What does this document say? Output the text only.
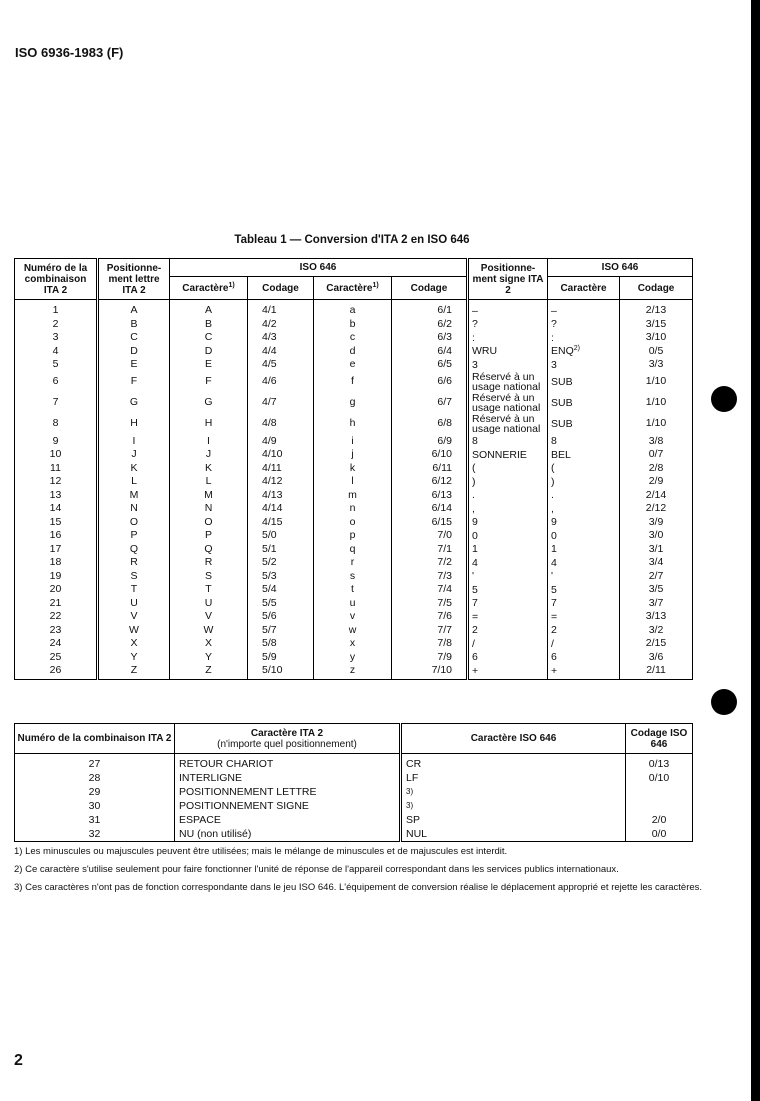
ISO 6936-1983 (F)
Tableau 1 — Conversion d'ITA 2 en ISO 646
Numéro de la combinaison ITA 2	Positionne-ment lettre ITA 2	ISO 646				Positionne-ment signe ITA 2	ISO 646	
		Caractère$^{1)}$	Codage	Caractère$^{1)}$	Codage		Caractère	Codage
1	A	A	4/1	a	6/1	–	–	2/13
2	B	B	4/2	b	6/2	?	?	3/15
3	C	C	4/3	c	6/3	:	:	3/10
4	D	D	4/4	d	6/4	WRU	ENQ$^{2)}$	0/5
5	E	E	4/5	e	6/5	3	3	3/3
6	F	F	4/6	f	6/6	Réservé à un usage national	SUB	1/10
7	G	G	4/7	g	6/7	Réservé à un usage national	SUB	1/10
8	H	H	4/8	h	6/8	Réservé à un usage national	SUB	1/10
9	I	I	4/9	i	6/9	8	8	3/8
10	J	J	4/10	j	6/10	SONNERIE	BEL	0/7
11	K	K	4/11	k	6/11	(	(	2/8
12	L	L	4/12	l	6/12	)	)	2/9
13	M	M	4/13	m	6/13	.	.	2/14
14	N	N	4/14	n	6/14	,	,	2/12
15	O	O	4/15	o	6/15	9	9	3/9
16	P	P	5/0	p	7/0	0	0	3/0
17	Q	Q	5/1	q	7/1	1	1	3/1
18	R	R	5/2	r	7/2	4	4	3/4
19	S	S	5/3	s	7/3	'	'	2/7
20	T	T	5/4	t	7/4	5	5	3/5
21	U	U	5/5	u	7/5	7	7	3/7
22	V	V	5/6	v	7/6	=	=	3/13
23	W	W	5/7	w	7/7	2	2	3/2
24	X	X	5/8	x	7/8	/	/	2/15
25	Y	Y	5/9	y	7/9	6	6	3/6
26	Z	Z	5/10	z	7/10	+	+	2/11
Numéro de la combinaison ITA 2	Caractère ITA 2
(n'importe quel positionnement)	Caractère ISO 646	Codage ISO 646
27	RETOUR CHARIOT	CR	0/13
28	INTERLIGNE	LF	0/10
29	POSITIONNEMENT LETTRE	3)	
30	POSITIONNEMENT SIGNE	3)	
31	ESPACE	SP	2/0
32	NU (non utilisé)	NUL	0/0

1) Les minuscules ou majuscules peuvent être utilisées; mais le mélange de minuscules et de majuscules est interdit.

2) Ce caractère s'utilise seulement pour faire fonctionner l'unité de réponse de l'appareil correspondant dans les services publics internationaux.

3) Ces caractères n'ont pas de fonction correspondante dans le jeu ISO 646. L'équipement de conversion réalise le déplacement approprié et rejette les caractères.

2
